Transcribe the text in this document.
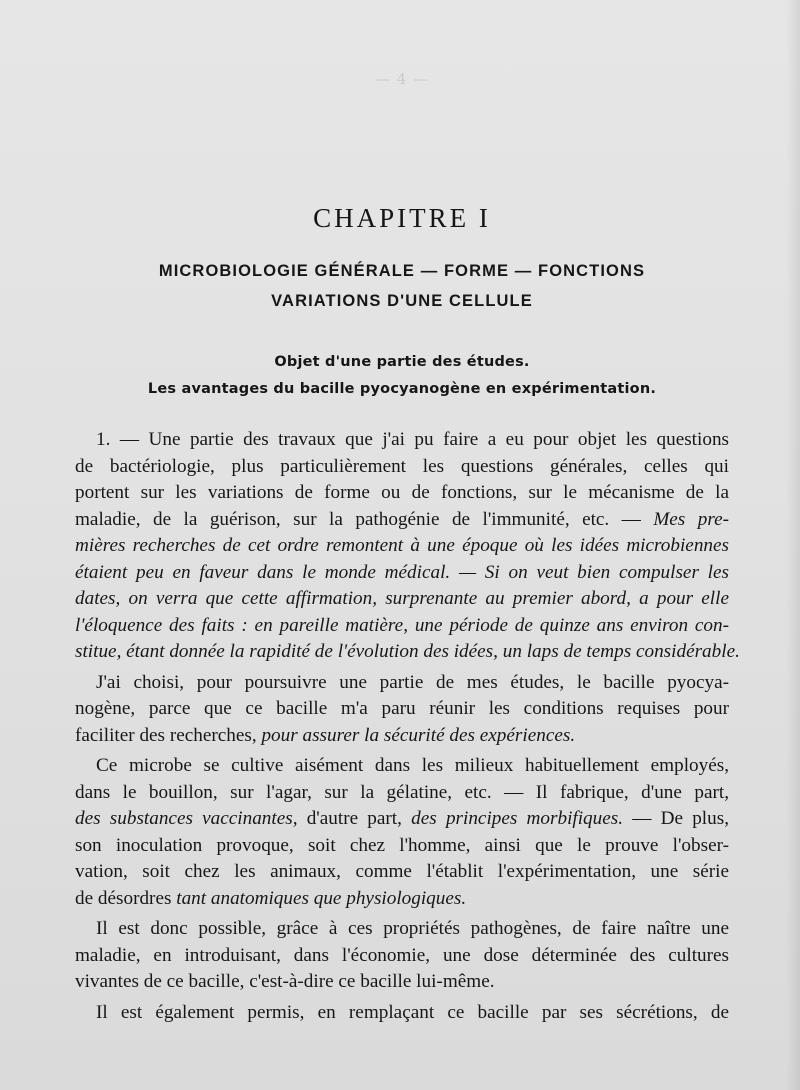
— 4 —
CHAPITRE I
MICROBIOLOGIE GÉNÉRALE — FORME — FONCTIONS
VARIATIONS D'UNE CELLULE
Objet d'une partie des études.
Les avantages du bacille pyocyanogène en expérimentation.

1. — Une partie des travaux que j'ai pu faire a eu pour objet les questions

de bactériologie, plus particulièrement les questions générales, celles qui

portent sur les variations de forme ou de fonctions, sur le mécanisme de la

maladie, de la guérison, sur la pathogénie de l'immunité, etc. — Mes pre-

mières recherches de cet ordre remontent à une époque où les idées microbiennes

étaient peu en faveur dans le monde médical. — Si on veut bien compulser les

dates, on verra que cette affirmation, surprenante au premier abord, a pour elle

l'éloquence des faits : en pareille matière, une période de quinze ans environ con-

stitue, étant donnée la rapidité de l'évolution des idées, un laps de temps considérable.

J'ai choisi, pour poursuivre une partie de mes études, le bacille pyocya-

nogène, parce que ce bacille m'a paru réunir les conditions requises pour

faciliter des recherches, pour assurer la sécurité des expériences.

Ce microbe se cultive aisément dans les milieux habituellement employés,

dans le bouillon, sur l'agar, sur la gélatine, etc. — Il fabrique, d'une part,

des substances vaccinantes, d'autre part, des principes morbifiques. — De plus,

son inoculation provoque, soit chez l'homme, ainsi que le prouve l'obser-

vation, soit chez les animaux, comme l'établit l'expérimentation, une série

de désordres tant anatomiques que physiologiques.

Il est donc possible, grâce à ces propriétés pathogènes, de faire naître une

maladie, en introduisant, dans l'économie, une dose déterminée des cultures

vivantes de ce bacille, c'est-à-dire ce bacille lui-même.

Il est également permis, en remplaçant ce bacille par ses sécrétions, de
